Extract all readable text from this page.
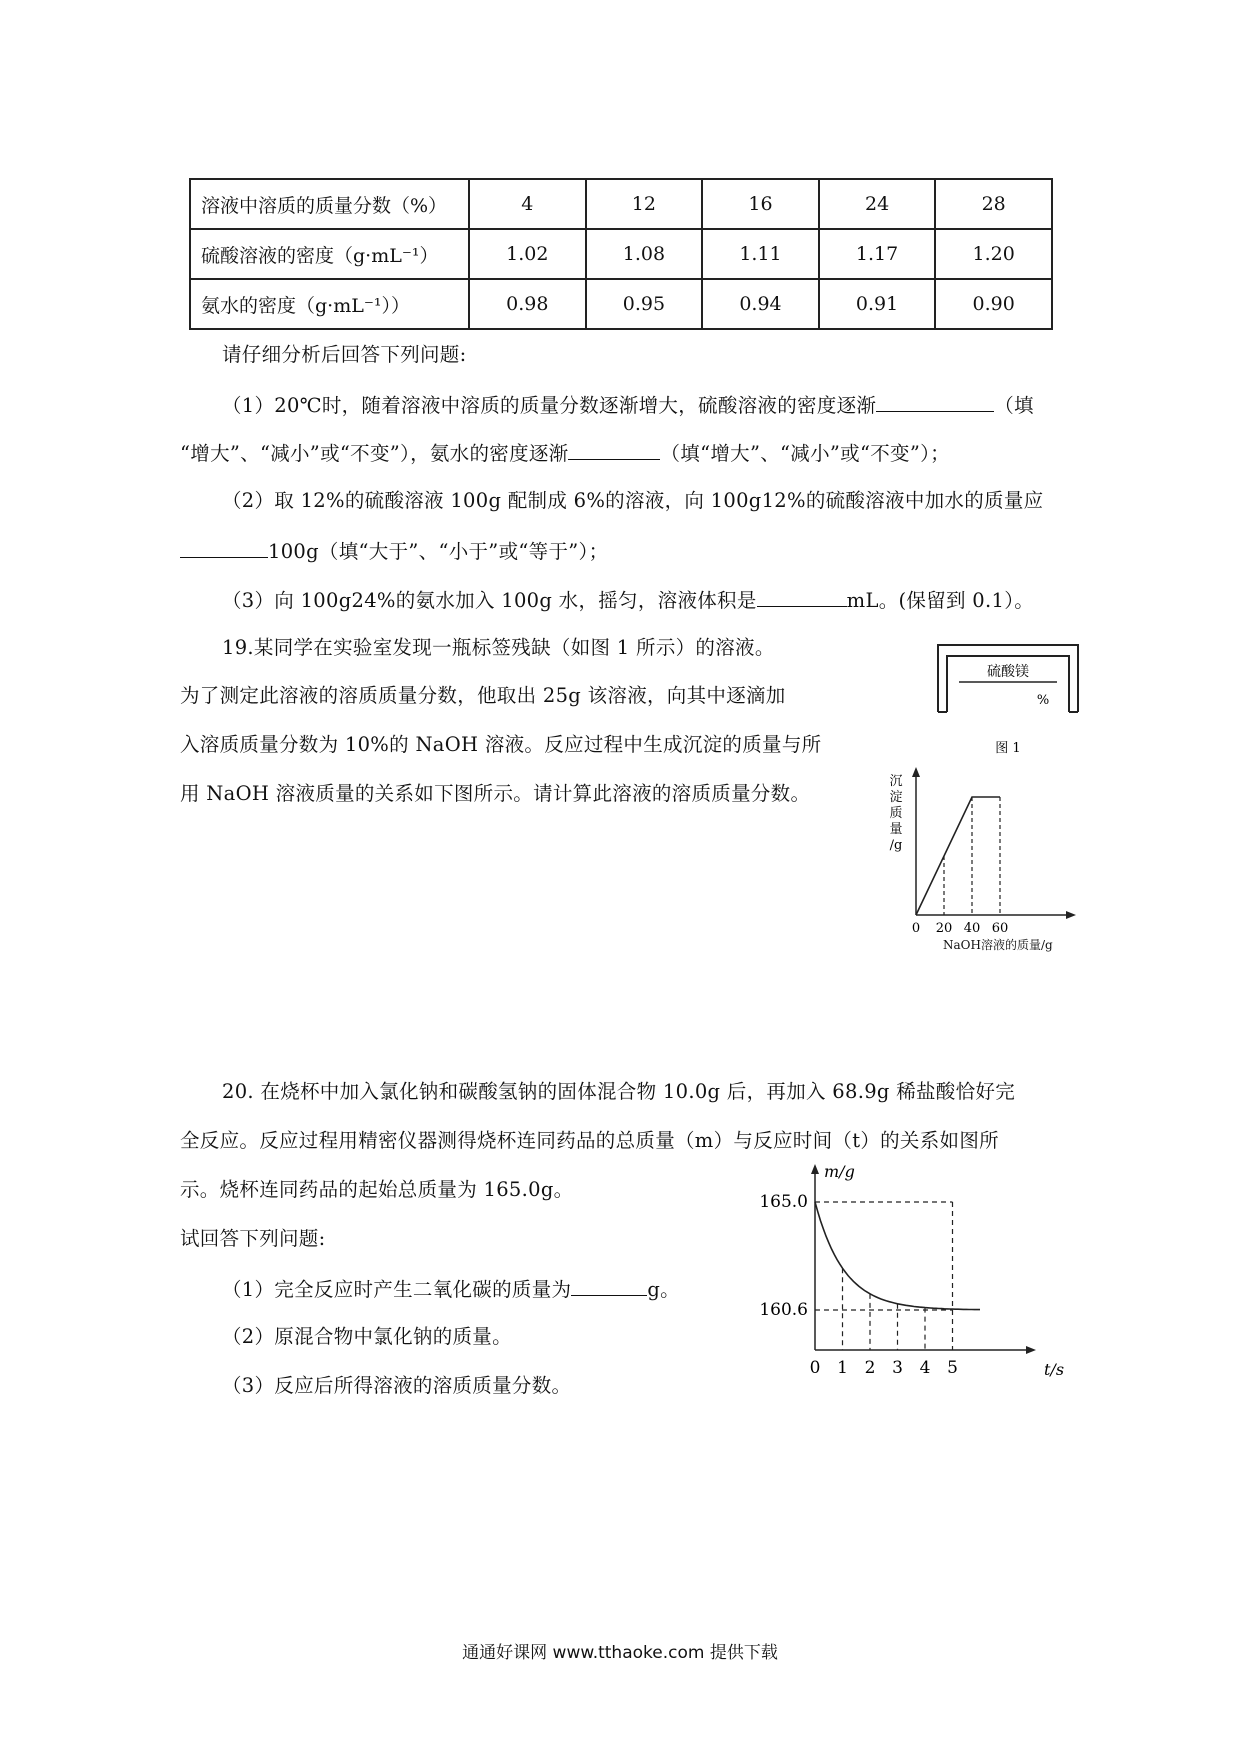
溶液中溶质的质量分数（%）	4	12	16	24	28
硫酸溶液的密度（g·mL⁻¹）	1.02	1.08	1.11	1.17	1.20
氨水的密度（g·mL⁻¹））	0.98	0.95	0.94	0.91	0.90
请仔细分析后回答下列问题:
（1）20℃时，随着溶液中溶质的质量分数逐渐增大，硫酸溶液的密度逐渐	（填
“增大”、“减小”或“不变”），氨水的密度逐渐	（填“增大”、“减小”或“不变”）；
（2）取 12%的硫酸溶液 100g 配制成 6%的溶液，向 100g12%的硫酸溶液中加水的质量应
100g（填“大于”、“小于”或“等于”）；
（3）向 100g24%的氨水加入 100g 水，摇匀，溶液体积是	mL。(保留到 0.1）。
19.某同学在实验室发现一瓶标签残缺（如图 1 所示）的溶液。
为了测定此溶液的溶质质量分数，他取出 25g 该溶液，向其中逐滴加
入溶质质量分数为 10%的 NaOH 溶液。反应过程中生成沉淀的质量与所
用 NaOH 溶液质量的关系如下图所示。请计算此溶液的溶质质量分数。
硫酸镁
%
图 1
沉
淀
质
量
/g
0 20 40 60
NaOH溶液的质量/g
20. 在烧杯中加入氯化钠和碳酸氢钠的固体混合物 10.0g 后，再加入 68.9g 稀盐酸恰好完
全反应。反应过程用精密仪器测得烧杯连同药品的总质量（m）与反应时间（t）的关系如图所
示。烧杯连同药品的起始总质量为 165.0g。
试回答下列问题:
（1）完全反应时产生二氧化碳的质量为	g。
（2）原混合物中氯化钠的质量。
（3）反应后所得溶液的溶质质量分数。
m/g
t/s
165.0
160.6
0 1 2 3 4 5
通通好课网 www.tthaoke.com 提供下载
